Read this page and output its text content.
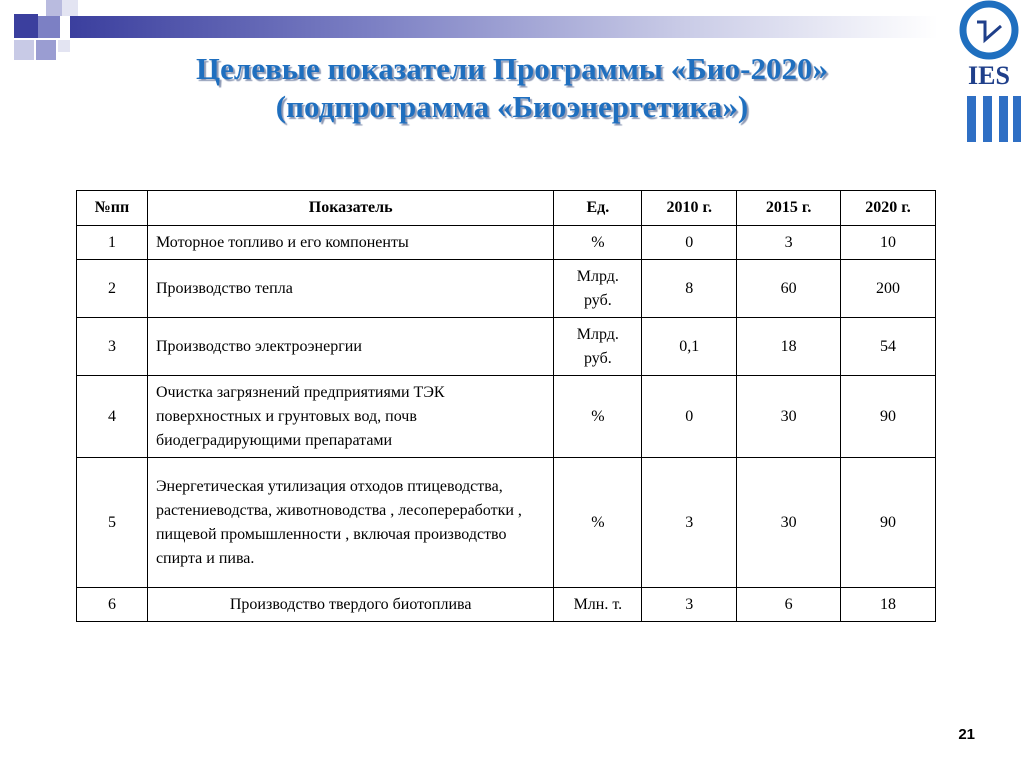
IES
Целевые показатели Программы «Био-2020»
(подпрограмма «Биоэнергетика»)
№пп	Показатель	Ед.	2010 г.	2015 г.	2020 г.
1	Моторное топливо и его компоненты	%	0	3	10
2	Производство тепла	Млрд. руб.	8	60	200
3	Производство электроэнергии	Млрд. руб.	0,1	18	54
4	Очистка загрязнений предприятиями ТЭК поверхностных и грунтовых вод, почв биодеградирующими препаратами	%	0	30	90
5	Энергетическая утилизация отходов птицеводства, растениеводства, животноводства , лесопереработки , пищевой промышленности , включая производство спирта и пива.	%	3	30	90
6	Производство твердого биотоплива	Млн. т.	3	6	18
21
